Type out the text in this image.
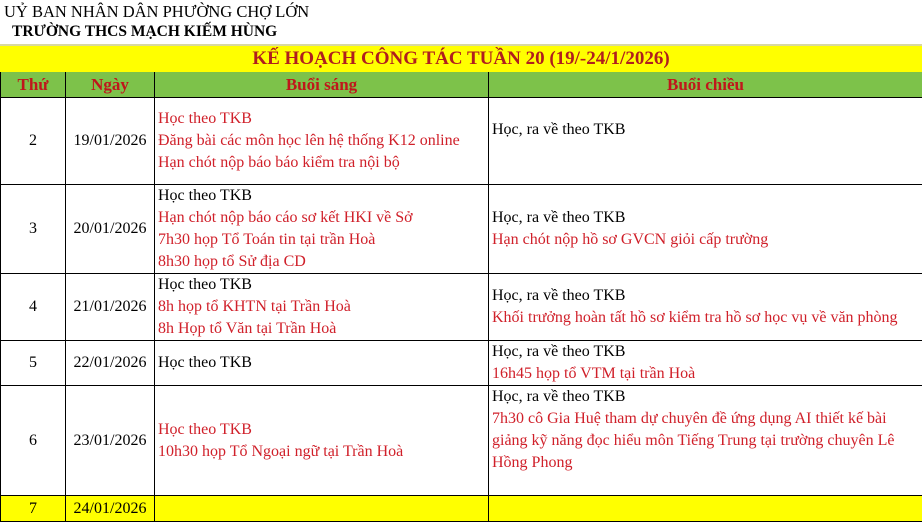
UỶ BAN NHÂN DÂN PHƯỜNG CHỢ LỚN
TRƯỜNG THCS MẠCH KIẾM HÙNG
KẾ HOẠCH CÔNG TÁC TUẦN 20 (19/-24/1/2026)
Thứ	Ngày	Buổi sáng	Buổi chiều
2	19/01/2026	Học theo TKB
Đăng bài các môn học lên hệ thống K12 online
Hạn chót nộp báo báo kiểm tra nội bộ	Học, ra về theo TKB

3	20/01/2026	Học theo TKB
Hạn chót nộp báo cáo sơ kết HKI về Sở
7h30 họp Tổ Toán tin tại trần Hoà
8h30 họp tổ Sử địa CD	Học, ra về theo TKB
Hạn chót nộp hồ sơ GVCN giỏi cấp trường

4	21/01/2026	Học theo TKB
8h họp tổ KHTN tại Trần Hoà
8h Họp tổ Văn tại Trần Hoà	Học, ra về theo TKB
Khối trưởng hoàn tất hồ sơ kiểm tra hồ sơ học vụ về văn phòng

5	22/01/2026	Học theo TKB	Học, ra về theo TKB
16h45 họp tổ VTM tại trần Hoà

6	23/01/2026	Học theo TKB
10h30 họp Tổ Ngoại ngữ tại Trần Hoà	Học, ra về theo TKB
7h30 cô Gia Huệ tham dự chuyên đề ứng dụng AI thiết kế bài giảng kỹ năng đọc hiểu môn Tiếng Trung tại trường chuyên Lê Hồng Phong

7	24/01/2026		
